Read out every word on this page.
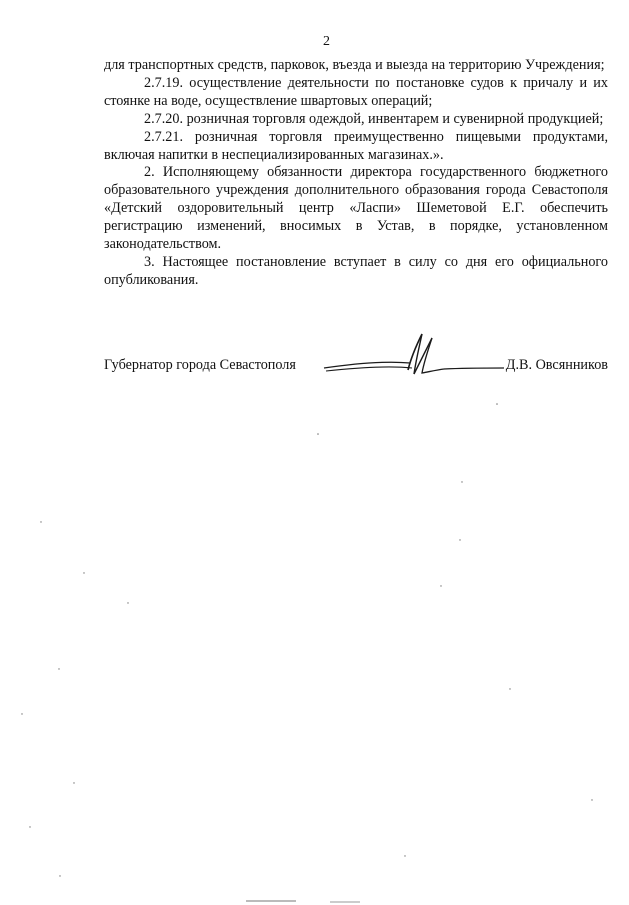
2

для транспортных средств, парковок, въезда и выезда на территорию Учреждения;

2.7.19. осуществление деятельности по постановке судов к причалу и их стоянке на воде, осуществление швартовых операций;

2.7.20. розничная торговля одеждой, инвентарем и сувенирной продукцией;

2.7.21. розничная торговля преимущественно пищевыми продуктами, включая напитки в неспециализированных магазинах.».

2. Исполняющему обязанности директора государственного бюджетного образовательного учреждения дополнительного образования города Севастополя «Детский оздоровительный центр «Ласпи» Шеметовой Е.Г. обеспечить регистрацию изменений, вносимых в Устав, в порядке, установленном законодательством.

3. Настоящее постановление вступает в силу со дня его официального опубликования.

Губернатор города Севастополя	Д.В. Овсянников
